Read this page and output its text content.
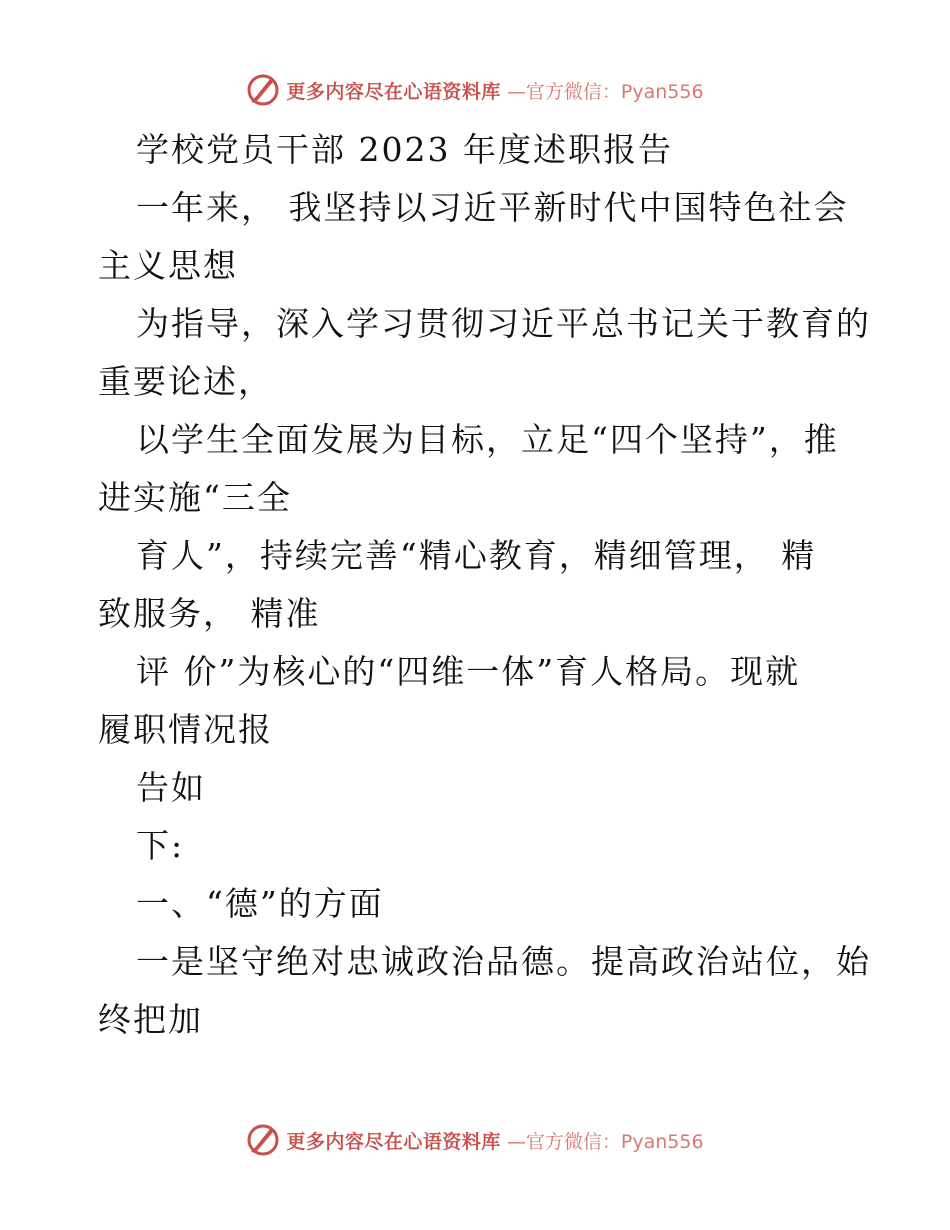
更多内容尽在心语资料库 —官方微信：Pyan556
学校党员干部 2023 年度述职报告
一年来， 我坚持以习近平新时代中国特色社会
主义思想
为指导，深入学习贯彻习近平总书记关于教育的
重要论述，
以学生全面发展为目标，立足“四个坚持”，推
进实施“三全
育人”，持续完善“精心教育，精细管理， 精
致服务， 精准
评 价”为核心的“四维一体”育人格局。现就
履职情况报
告如
下:
一、“德”的方面
一是坚守绝对忠诚政治品德。提高政治站位，始
终把加
更多内容尽在心语资料库 —官方微信：Pyan556
